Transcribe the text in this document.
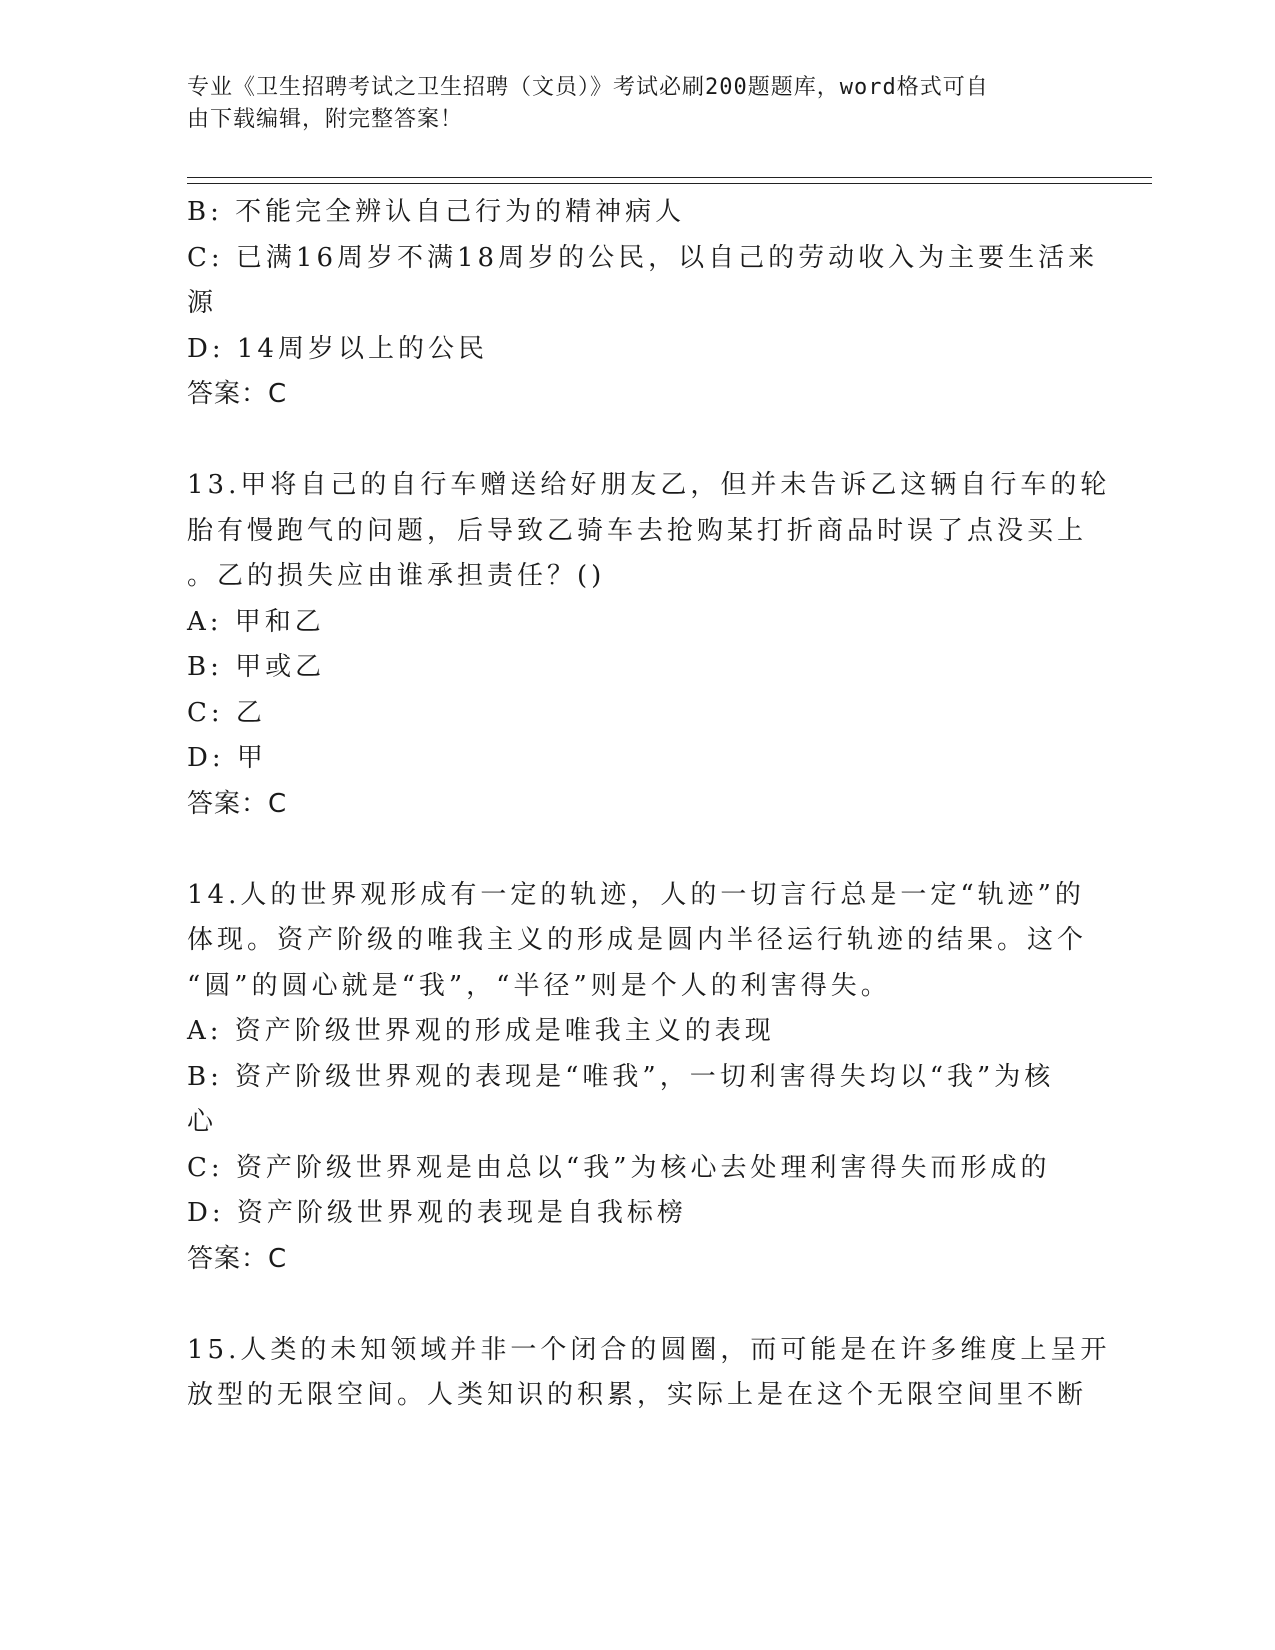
专业《卫生招聘考试之卫生招聘（文员）》考试必刷200题题库，word格式可自
由下载编辑，附完整答案！
B: 不能完全辨认自己行为的精神病人
C: 已满16周岁不满18周岁的公民，以自己的劳动收入为主要生活来
源
D: 14周岁以上的公民
答案：C
13.甲将自己的自行车赠送给好朋友乙，但并未告诉乙这辆自行车的轮
胎有慢跑气的问题，后导致乙骑车去抢购某打折商品时误了点没买上
。乙的损失应由谁承担责任？()
A: 甲和乙
B: 甲或乙
C: 乙
D: 甲
答案：C
14.人的世界观形成有一定的轨迹，人的一切言行总是一定“轨迹”的
体现。资产阶级的唯我主义的形成是圆内半径运行轨迹的结果。这个
“圆”的圆心就是“我”，“半径”则是个人的利害得失。
A: 资产阶级世界观的形成是唯我主义的表现
B: 资产阶级世界观的表现是“唯我”，一切利害得失均以“我”为核
心
C: 资产阶级世界观是由总以“我”为核心去处理利害得失而形成的
D: 资产阶级世界观的表现是自我标榜
答案：C
15.人类的未知领域并非一个闭合的圆圈，而可能是在许多维度上呈开
放型的无限空间。人类知识的积累，实际上是在这个无限空间里不断
